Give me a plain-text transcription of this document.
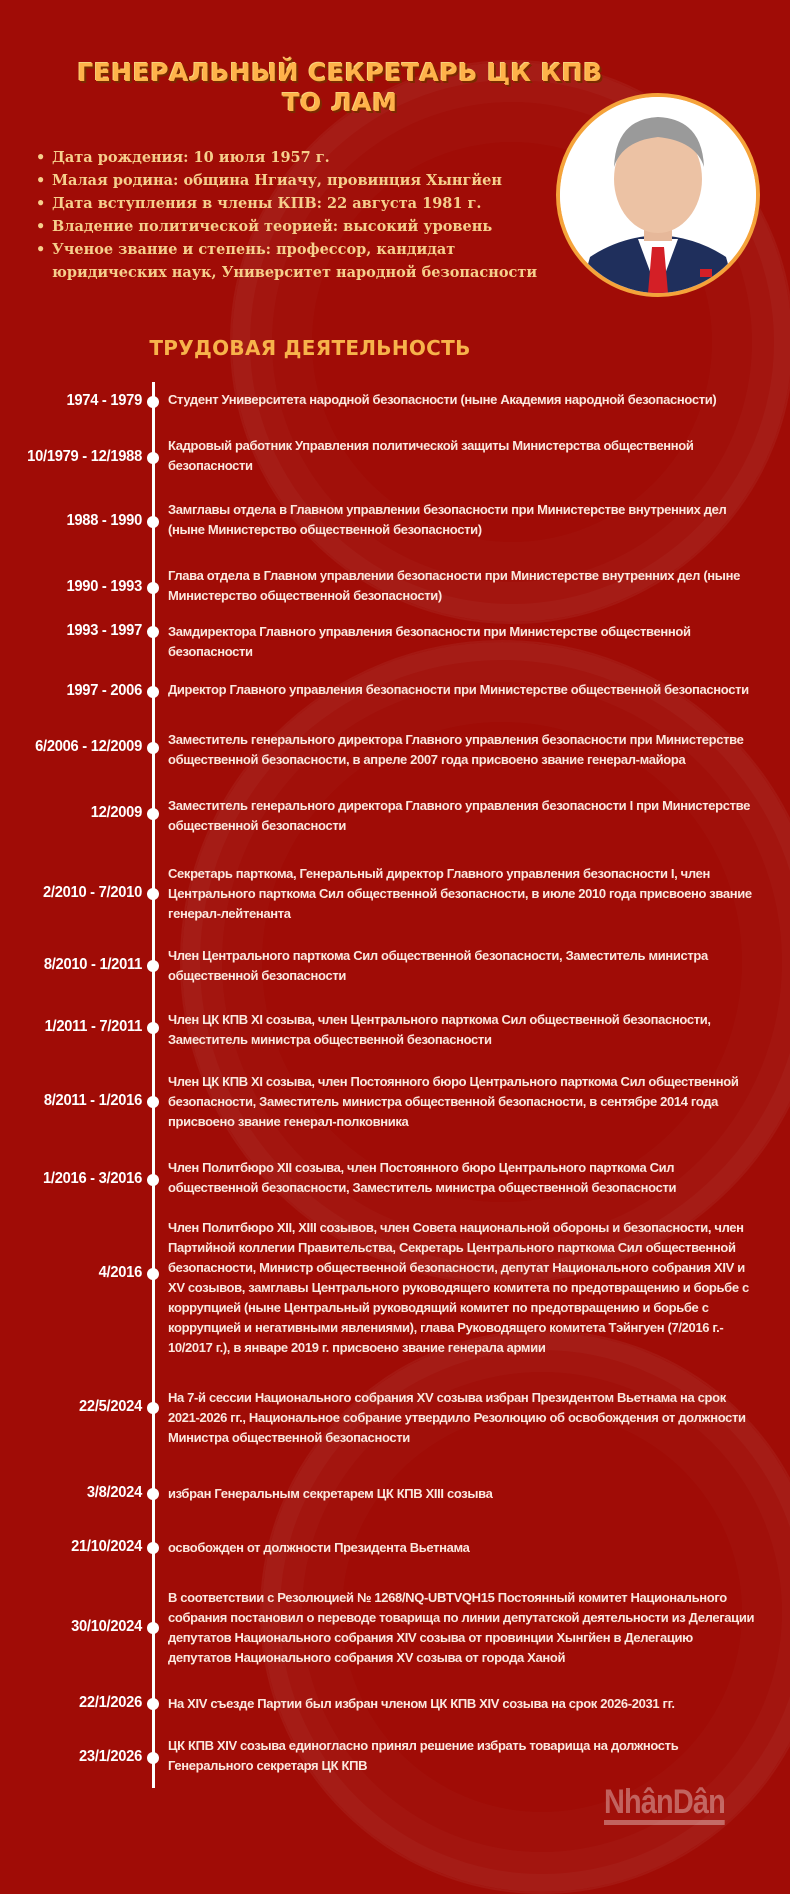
ГЕНЕРАЛЬНЫЙ СЕКРЕТАРЬ ЦК КПВ
ТО ЛАМ
• Дата рождения: 10 июля 1957 г.
• Малая родина: община Нгиачу, провинция Хынгйен
• Дата вступления в члены КПВ: 22 августа 1981 г.
• Владение политической теорией: высокий уровень
• Ученое звание и степень: профессор, кандидат юридических наук, Университет народной безопасности
ТРУДОВАЯ ДЕЯТЕЛЬНОСТЬ
1974 - 1979 Студент Университета народной безопасности (ныне Академия народной безопасности)
10/1979 - 12/1988
Кадровый работник Управления политической защиты Министерства общественной безопасности
1988 - 1990
Замглавы отдела в Главном управлении безопасности при Министерстве внутренних дел (ныне Министерство общественной безопасности)
1990 - 1993
Глава отдела в Главном управлении безопасности при Министерстве внутренних дел (ныне Министерство общественной безопасности)
1993 - 1997 Замдиректора Главного управления безопасности при Министерстве общественной безопасности
1997 - 2006 Директор Главного управления безопасности при Министерстве общественной безопасности
6/2006 - 12/2009 Заместитель генерального директора Главного управления безопасности при Министерстве общественной безопасности, в апреле 2007 года присвоено звание генерал-майора
12/2009 Заместитель генерального директора Главного управления безопасности I при Министерстве общественной безопасности
2/2010 - 7/2010
Секретарь парткома, Генеральный директор Главного управления безопасности I, член Центрального парткома Сил общественной безопасности, в июле 2010 года присвоено звание генерал-лейтенанта
8/2010 - 1/2011
Член Центрального парткома Сил общественной безопасности, Заместитель министра общественной безопасности
1/2011 - 7/2011 Член ЦК КПВ XI созыва, член Центрального парткома Сил общественной безопасности, Заместитель министра общественной безопасности
8/2011 - 1/2016
Член ЦК КПВ XI созыва, член Постоянного бюро Центрального парткома Сил общественной безопасности, Заместитель министра общественной безопасности, в сентябре 2014 года присвоено звание генерал-полковника
1/2016 - 3/2016
Член Политбюро XII созыва, член Постоянного бюро Центрального парткома Сил общественной безопасности, Заместитель министра общественной безопасности
4/2016
Член Политбюро XII, XIII созывов, член Совета национальной обороны и безопасности, член Партийной коллегии Правительства, Секретарь Центрального парткома Сил общественной безопасности, Министр общественной безопасности, депутат Национального собрания XIV и XV созывов, замглавы Центрального руководящего комитета по предотвращению и борьбе с коррупцией (ныне Центральный руководящий комитет по предотвращению и борьбе с коррупцией и негативными явлениями), глава Руководящего комитета Тэйнгуен (7/2016 г.- 10/2017 г.), в январе 2019 г. присвоено звание генерала армии
22/5/2024
На 7-й сессии Национального собрания XV созыва избран Президентом Вьетнама на срок 2021-2026 гг., Национальное собрание утвердило Резолюцию об освобождения от должности Министра общественной безопасности
3/8/2024 избран Генеральным секретарем ЦК КПВ XIII созыва
21/10/2024 освобожден от должности Президента Вьетнама
30/10/2024
В соответствии с Резолюцией № 1268/NQ-UBTVQH15 Постоянный комитет Национального собрания постановил о переводе товарища по линии депутатской деятельности из Делегации депутатов Национального собрания XIV созыва от провинции Хынгйен в Делегацию депутатов Национального собрания XV созыва от города Ханой
22/1/2026 На XIV съезде Партии был избран членом ЦК КПВ XIV созыва на срок 2026-2031 гг.
23/1/2026
ЦК КПВ XIV созыва единогласно принял решение избрать товарища на должность Генерального секретаря ЦК КПВ
NhânDân
